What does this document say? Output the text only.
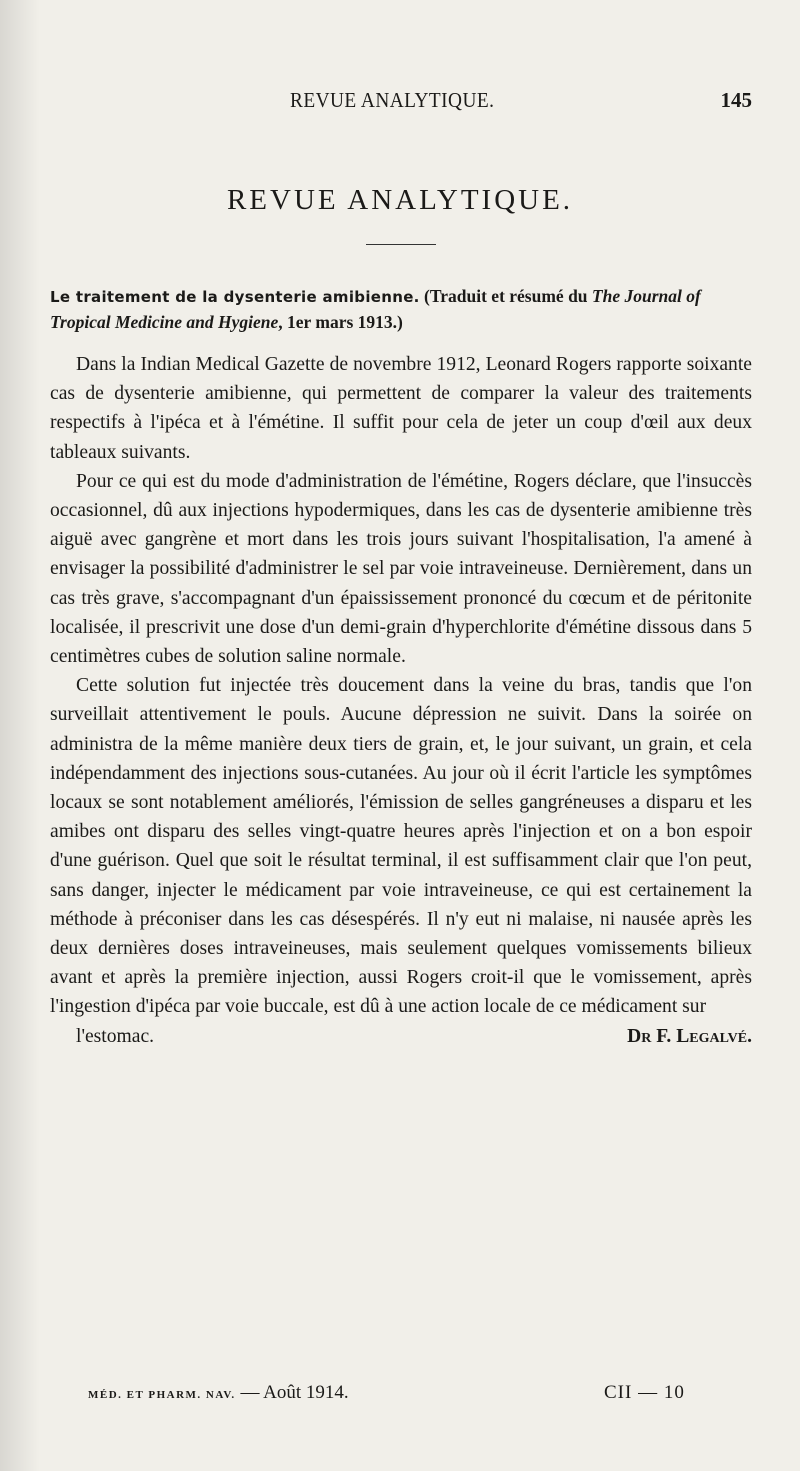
REVUE ANALYTIQUE.	145
REVUE ANALYTIQUE.
Le traitement de la dysenterie amibienne. (Traduit et résumé du The Journal of Tropical Medicine and Hygiene, 1er mars 1913.)

Dans la Indian Medical Gazette de novembre 1912, Leonard Rogers rapporte soixante cas de dysenterie amibienne, qui permettent de comparer la valeur des traitements respectifs à l'ipéca et à l'émétine. Il suffit pour cela de jeter un coup d'œil aux deux tableaux suivants.

Pour ce qui est du mode d'administration de l'émétine, Rogers déclare, que l'insuccès occasionnel, dû aux injections hypodermiques, dans les cas de dysenterie amibienne très aiguë avec gangrène et mort dans les trois jours suivant l'hospitalisation, l'a amené à envisager la possibilité d'administrer le sel par voie intraveineuse. Dernièrement, dans un cas très grave, s'accompagnant d'un épaississement prononcé du cœcum et de péritonite localisée, il prescrivit une dose d'un demi-grain d'hyperchlorite d'émétine dissous dans 5 centimètres cubes de solution saline normale.

Cette solution fut injectée très doucement dans la veine du bras, tandis que l'on surveillait attentivement le pouls. Aucune dépression ne suivit. Dans la soirée on administra de la même manière deux tiers de grain, et, le jour suivant, un grain, et cela indépendamment des injections sous-cutanées. Au jour où il écrit l'article les symptômes locaux se sont notablement améliorés, l'émission de selles gangréneuses a disparu et les amibes ont disparu des selles vingt-quatre heures après l'injection et on a bon espoir d'une guérison. Quel que soit le résultat terminal, il est suffisamment clair que l'on peut, sans danger, injecter le médicament par voie intraveineuse, ce qui est certainement la méthode à préconiser dans les cas désespérés. Il n'y eut ni malaise, ni nausée après les deux dernières doses intraveineuses, mais seulement quelques vomissements bilieux avant et après la première injection, aussi Rogers croit-il que le vomissement, après l'ingestion d'ipéca par voie buccale, est dû à une action locale de ce médicament sur

l'estomac.	Dr F. Legalvé.

MÉD. ET PHARM. NAV. — Août 1914.	CII — 10
